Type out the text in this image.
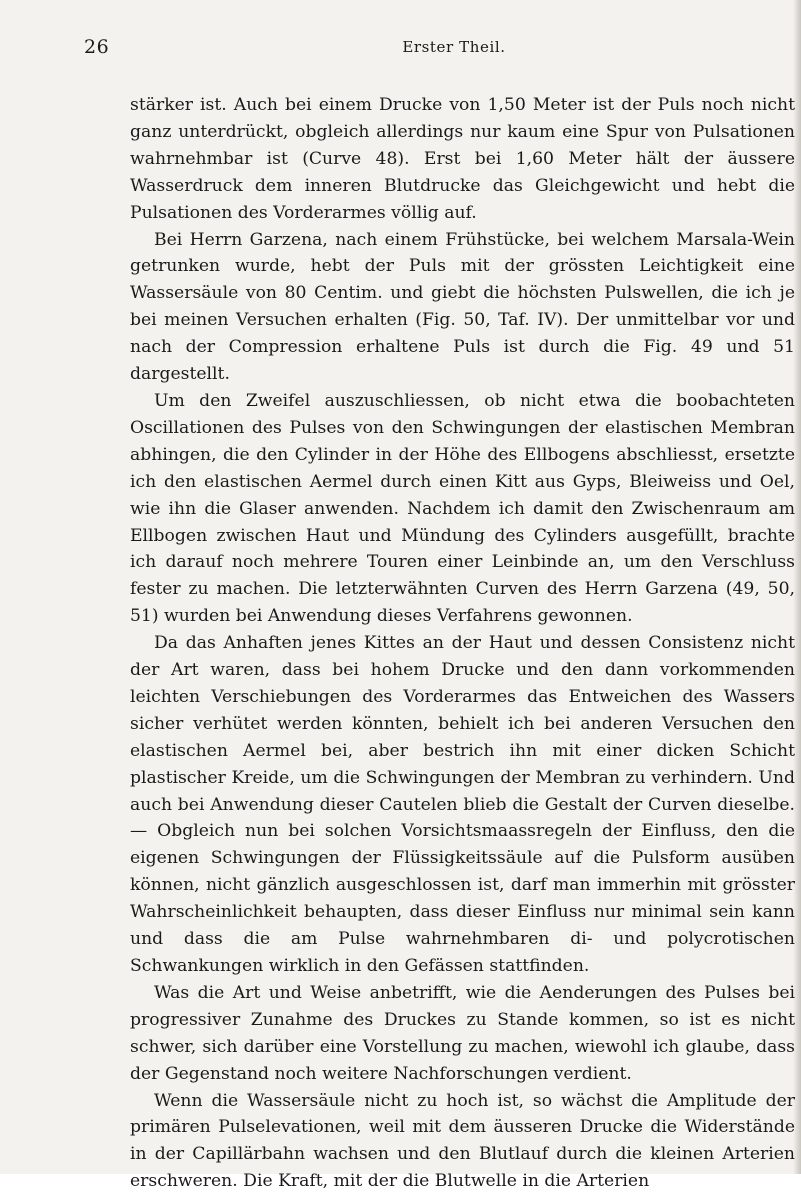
26	Erster Theil.

stärker ist. Auch bei einem Drucke von 1,50 Meter ist der Puls noch nicht ganz unterdrückt, obgleich allerdings nur kaum eine Spur von Pulsationen wahrnehmbar ist (Curve 48). Erst bei 1,60 Meter hält der äussere Wasserdruck dem inneren Blutdrucke das Gleichgewicht und hebt die Pulsationen des Vorderarmes völlig auf.

Bei Herrn Garzena, nach einem Frühstücke, bei welchem Marsala-Wein getrunken wurde, hebt der Puls mit der grössten Leichtigkeit eine Wassersäule von 80 Centim. und giebt die höchsten Pulswellen, die ich je bei meinen Versuchen erhalten (Fig. 50, Taf. IV). Der unmittelbar vor und nach der Compression erhaltene Puls ist durch die Fig. 49 und 51 dargestellt.

Um den Zweifel auszuschliessen, ob nicht etwa die boobachteten Oscillationen des Pulses von den Schwingungen der elastischen Membran abhingen, die den Cylinder in der Höhe des Ellbogens abschliesst, ersetzte ich den elastischen Aermel durch einen Kitt aus Gyps, Bleiweiss und Oel, wie ihn die Glaser anwenden. Nachdem ich damit den Zwischenraum am Ellbogen zwischen Haut und Mündung des Cylinders ausgefüllt, brachte ich darauf noch mehrere Touren einer Leinbinde an, um den Verschluss fester zu machen. Die letzterwähnten Curven des Herrn Garzena (49, 50, 51) wurden bei Anwendung dieses Verfahrens gewonnen.

Da das Anhaften jenes Kittes an der Haut und dessen Consistenz nicht der Art waren, dass bei hohem Drucke und den dann vorkommenden leichten Verschiebungen des Vorderarmes das Entweichen des Wassers sicher verhütet werden könnten, behielt ich bei anderen Versuchen den elastischen Aermel bei, aber bestrich ihn mit einer dicken Schicht plastischer Kreide, um die Schwingungen der Membran zu verhindern. Und auch bei Anwendung dieser Cautelen blieb die Gestalt der Curven dieselbe. — Obgleich nun bei solchen Vorsichtsmaassregeln der Einfluss, den die eigenen Schwingungen der Flüssigkeitssäule auf die Pulsform ausüben können, nicht gänzlich ausgeschlossen ist, darf man immerhin mit grösster Wahrscheinlichkeit behaupten, dass dieser Einfluss nur minimal sein kann und dass die am Pulse wahrnehmbaren di- und polycrotischen Schwankungen wirklich in den Gefässen stattfinden.

Was die Art und Weise anbetrifft, wie die Aenderungen des Pulses bei progressiver Zunahme des Druckes zu Stande kommen, so ist es nicht schwer, sich darüber eine Vorstellung zu machen, wiewohl ich glaube, dass der Gegenstand noch weitere Nachforschungen verdient.

Wenn die Wassersäule nicht zu hoch ist, so wächst die Amplitude der primären Pulselevationen, weil mit dem äusseren Drucke die Widerstände in der Capillärbahn wachsen und den Blutlauf durch die kleinen Arterien erschweren. Die Kraft, mit der die Blutwelle in die Arterien
